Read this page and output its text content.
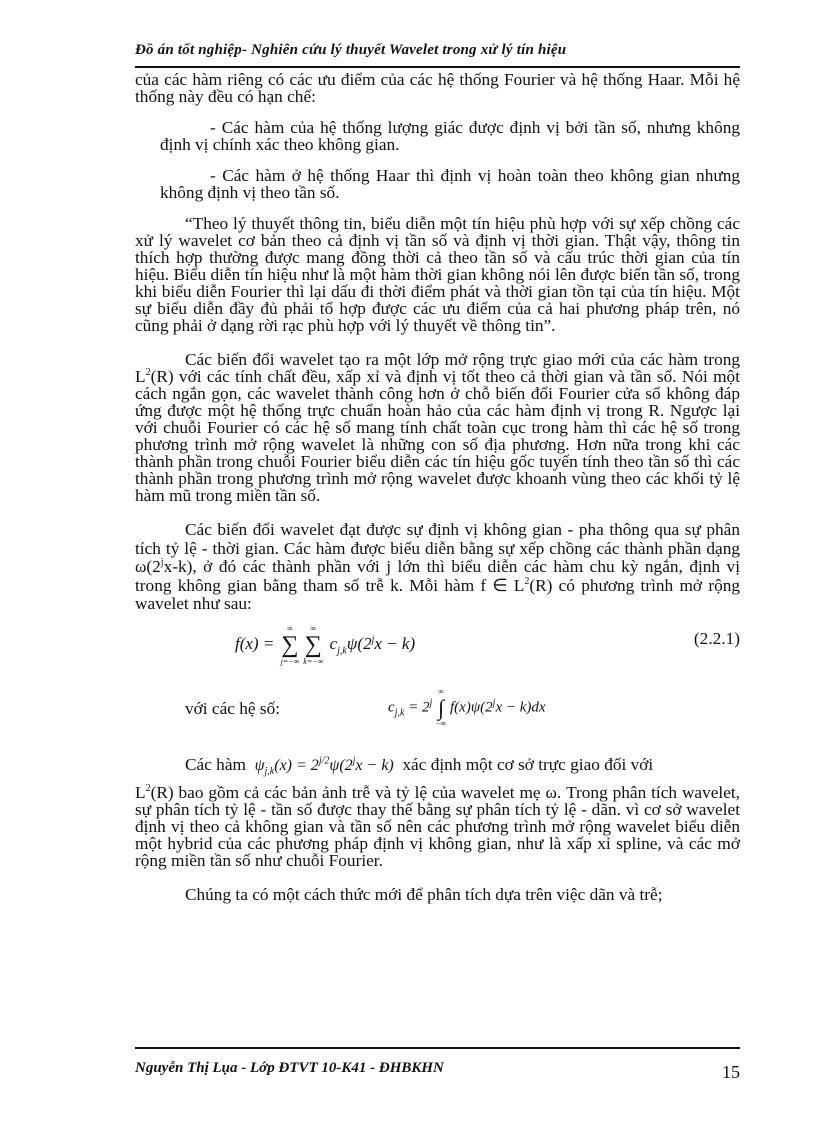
Đồ án tốt nghiệp- Nghiên cứu lý thuyết Wavelet trong xử lý tín hiệu

của các hàm riêng có các ưu điểm của các hệ thống Fourier và hệ thống Haar. Mỗi hệ thống này đều có hạn chế:

- Các hàm của hệ thống lượng giác được định vị bởi tần số, nhưng không định vị chính xác theo không gian.

- Các hàm ở hệ thống Haar thì định vị hoàn toàn theo không gian nhưng không định vị theo tần số.

“Theo lý thuyết thông tin, biểu diễn một tín hiệu phù hợp với sự xếp chồng các xử lý wavelet cơ bản theo cả định vị tần số và định vị thời gian. Thật vậy, thông tin thích hợp thường được mang đồng thời cả theo tần số và cấu trúc thời gian của tín hiệu. Biểu diễn tín hiệu như là một hàm thời gian không nói lên được biến tần số, trong khi biểu diễn Fourier thì lại dấu đi thời điểm phát và thời gian tồn tại của tín hiệu. Một sự biểu diễn đầy đủ phải tổ hợp được các ưu điểm của cả hai phương pháp trên, nó cũng phải ở dạng rời rạc phù hợp với lý thuyết về thông tin”.

Các biến đổi wavelet tạo ra một lớp mở rộng trực giao mới của các hàm trong $L^2(R)$ với các tính chất đều, xấp xỉ và định vị tốt theo cả thời gian và tần số. Nói một cách ngắn gọn, các wavelet thành công hơn ở chỗ biến đổi Fourier cửa sổ không đáp ứng được một hệ thống trực chuẩn hoàn hảo của các hàm định vị trong R. Ngược lại với chuỗi Fourier có các hệ số mang tính chất toàn cục trong hàm thì các hệ số trong phương trình mở rộng wavelet là những con số địa phương. Hơn nữa trong khi các thành phần trong chuỗi Fourier biểu diễn các tín hiệu gốc tuyến tính theo tần số thì các thành phần trong phương trình mở rộng wavelet được khoanh vùng theo các khối tỷ lệ hàm mũ trong miền tần số.

Các biến đổi wavelet đạt được sự định vị không gian - pha thông qua sự phân tích tỷ lệ - thời gian. Các hàm được biểu diễn bằng sự xếp chồng các thành phần dạng ω(2$^j$x-k), ở đó các thành phần với j lớn thì biểu diễn các hàm chu kỳ ngắn, định vị trong không gian bằng tham số trễ k. Mỗi hàm f ∈ $L^2(R)$ có phương trình mở rộng wavelet như sau:

f(x) =
∞
∑
j=−∞
∞
∑
k=−∞
$c_{j,k}\psi(2^jx - k)$	(2.2.1)
với các hệ số:	$c_{j,k} = 2^j$
∞
∫
−∞
$f(x)\psi(2^jx - k)dx$

Các hàm $\psi_{j,k}(x) = 2^{j/2}\psi(2^jx - k)$ xác định một cơ sở trực giao đối với

$L^2(R)$ bao gồm cả các bản ảnh trễ và tỷ lệ của wavelet mẹ ω. Trong phân tích wavelet, sự phân tích tỷ lệ - tần số được thay thế bằng sự phân tích tỷ lệ - dãn. vì cơ sở wavelet định vị theo cả không gian và tần số nên các phương trình mở rộng wavelet biểu diễn một hybrid của các phương pháp định vị không gian, như là xấp xỉ spline, và các mở rộng miền tần số như chuỗi Fourier.

Chúng ta có một cách thức mới để phân tích dựa trên việc dãn và trễ;

Nguyễn Thị Lụa - Lớp ĐTVT 10-K41 - ĐHBKHN	15
